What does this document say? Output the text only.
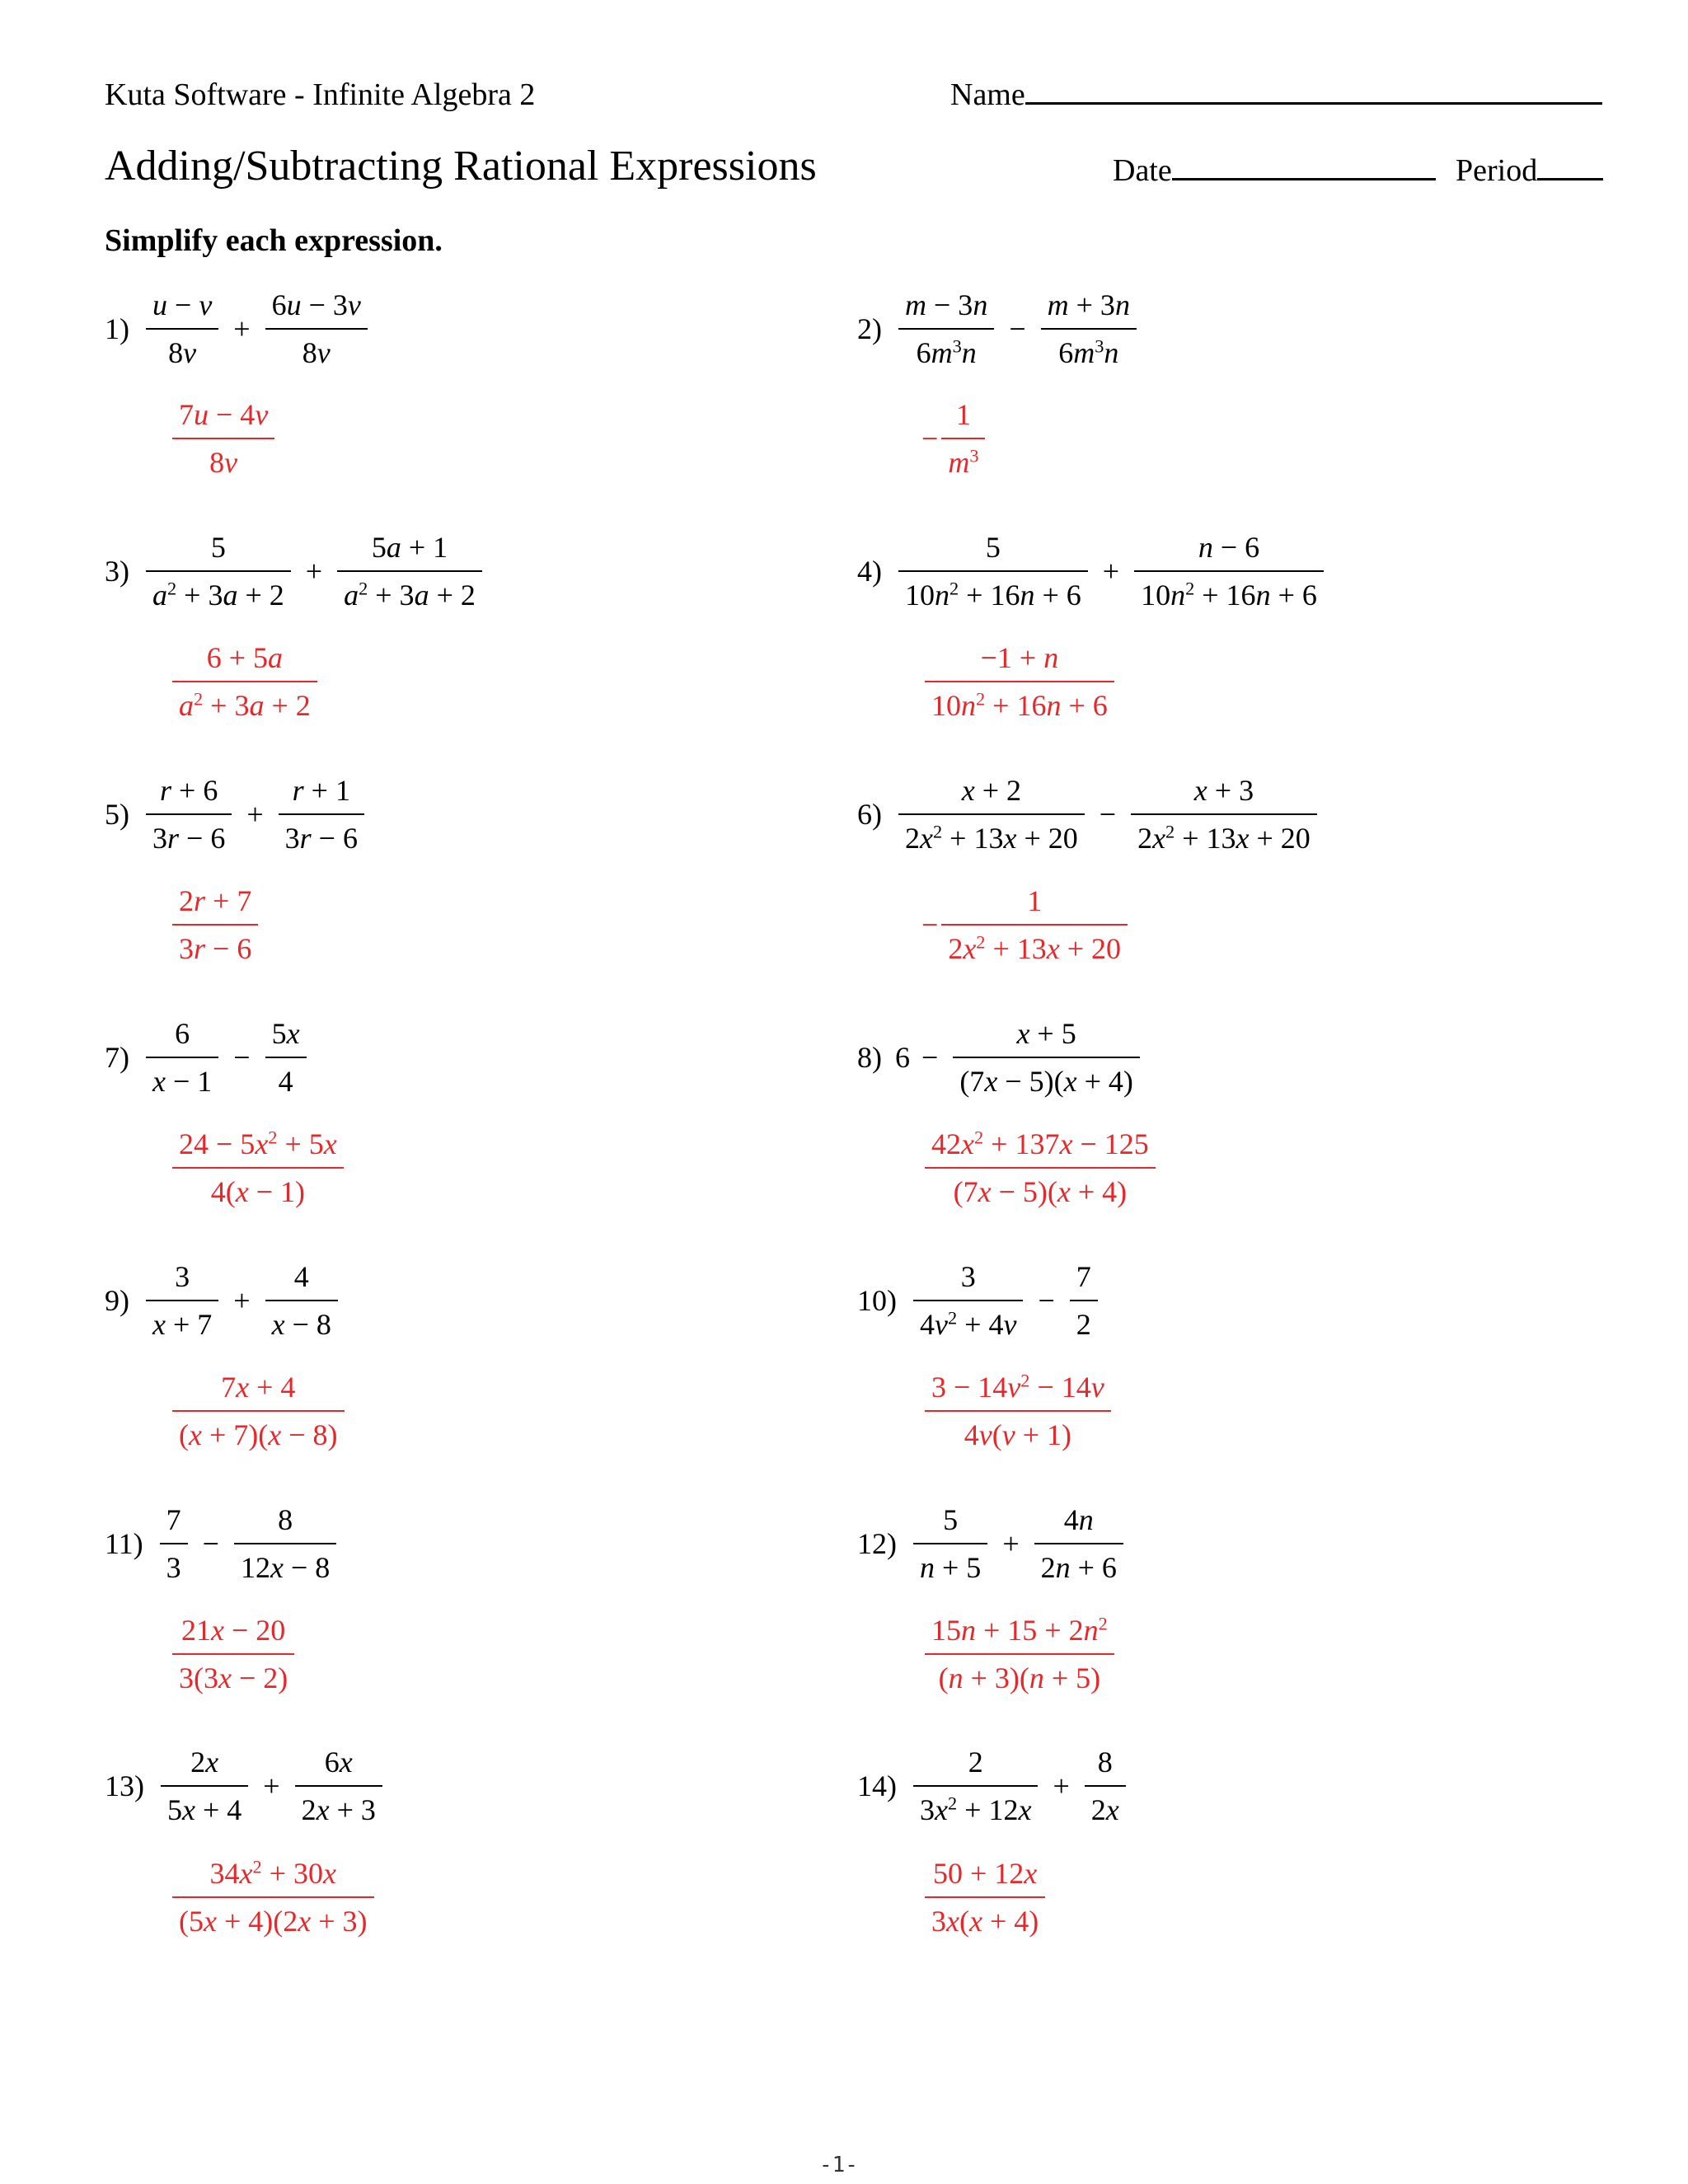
Kuta Software - Infinite Algebra 2	Name
Adding/Subtracting Rational Expressions	Date	Period
Simplify each expression.
$1) \frac{u - v}{8v} + \frac{6u - 3v}{8v}$
$\frac{7u - 4v}{8v}$
$2) \frac{m - 3n}{6m^3n} - \frac{m + 3n}{6m^3n}$
− $\frac{1}{m^3}$
$3) \frac{5}{a^2 + 3a + 2} + \frac{5a + 1}{a^2 + 3a + 2}$
$\frac{6 + 5a}{a^2 + 3a + 2}$
$4) \frac{5}{10n^2 + 16n + 6} + \frac{n - 6}{10n^2 + 16n + 6}$
$\frac{-1 + n}{10n^2 + 16n + 6}$
$5) \frac{r + 6}{3r - 6} + \frac{r + 1}{3r - 6}$
$\frac{2r + 7}{3r - 6}$
$6) \frac{x + 2}{2x^2 + 13x + 20} - \frac{x + 3}{2x^2 + 13x + 20}$
− $\frac{1}{2x^2 + 13x + 20}$
$7) \frac{6}{x - 1} - \frac{5x}{4}$
$\frac{24 - 5x^2 + 5x}{4(x - 1)}$
8) $6 - \frac{x + 5}{(7x - 5)(x + 4)}$
$\frac{42x^2 + 137x - 125}{(7x - 5)(x + 4)}$
$9) \frac{3}{x + 7} + \frac{4}{x - 8}$
$\frac{7x + 4}{(x + 7)(x - 8)}$
$10) \frac{3}{4v^2 + 4v} - \frac{7}{2}$
$\frac{3 - 14v^2 - 14v}{4v(v + 1)}$
$11) \frac{7}{3} - \frac{8}{12x - 8}$
$\frac{21x - 20}{3(3x - 2)}$
$12) \frac{5}{n + 5} + \frac{4n}{2n + 6}$
$\frac{15n + 15 + 2n^2}{(n + 3)(n + 5)}$
$13) \frac{2x}{5x + 4} + \frac{6x}{2x + 3}$
$\frac{34x^2 + 30x}{(5x + 4)(2x + 3)}$
$14) \frac{2}{3x^2 + 12x} + \frac{8}{2x}$
$\frac{50 + 12x}{3x(x + 4)}$
-1-
